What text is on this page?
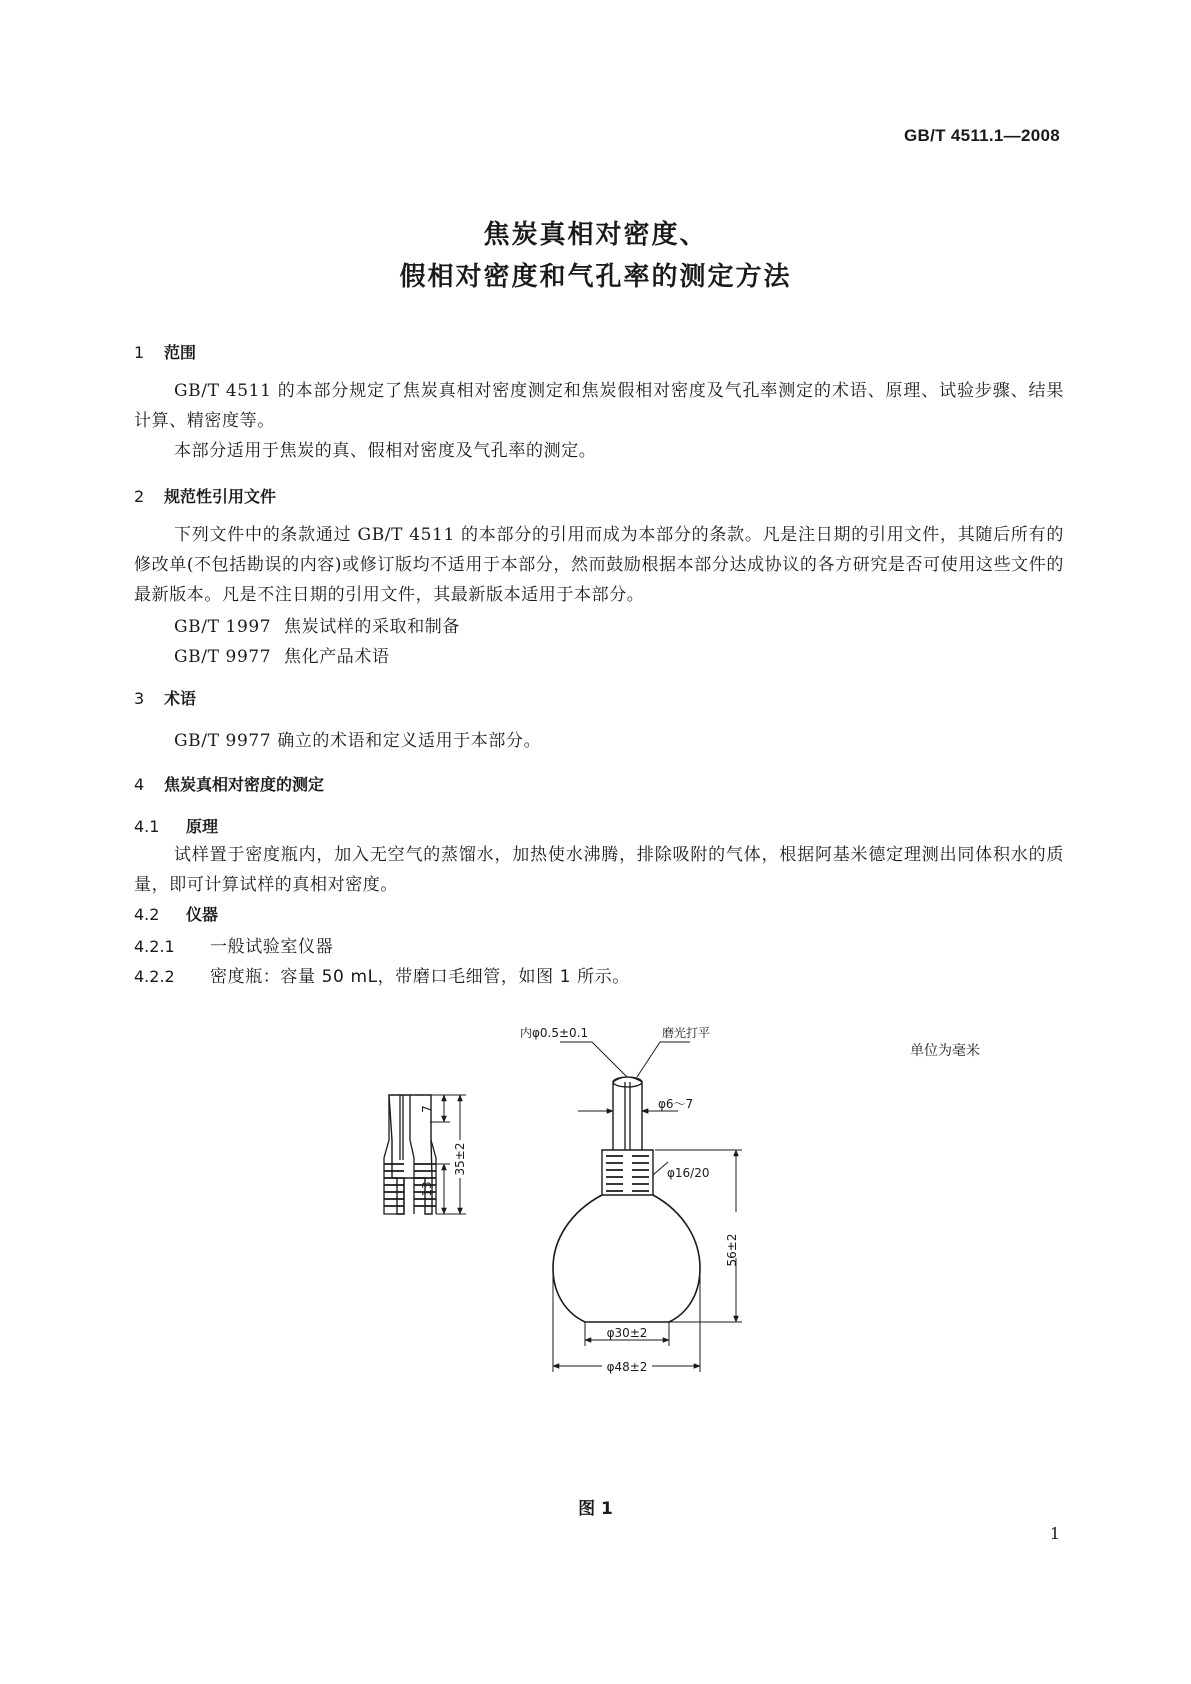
GB/T 4511.1—2008
焦炭真相对密度、
假相对密度和气孔率的测定方法
1 范围
GB/T 4511 的本部分规定了焦炭真相对密度测定和焦炭假相对密度及气孔率测定的术语、原理、试验步骤、结果计算、精密度等。
本部分适用于焦炭的真、假相对密度及气孔率的测定。
2 规范性引用文件
下列文件中的条款通过 GB/T 4511 的本部分的引用而成为本部分的条款。凡是注日期的引用文件，其随后所有的修改单(不包括勘误的内容)或修订版均不适用于本部分，然而鼓励根据本部分达成协议的各方研究是否可使用这些文件的最新版本。凡是不注日期的引用文件，其最新版本适用于本部分。
GB/T 1997 焦炭试样的采取和制备
GB/T 9977 焦化产品术语
3 术语
GB/T 9977 确立的术语和定义适用于本部分。
4 焦炭真相对密度的测定
4.1 原理
试样置于密度瓶内，加入无空气的蒸馏水，加热使水沸腾，排除吸附的气体，根据阿基米德定理测出同体积水的质量，即可计算试样的真相对密度。
4.2 仪器
4.2.1 一般试验室仪器
4.2.2 密度瓶：容量 50 mL，带磨口毛细管，如图 1 所示。
单位为毫米
内φ0.5±0.1	磨光打平
φ6～7
φ16/20
56±2
φ30±2
φ48±2
7
35±2
13
图 1
1
